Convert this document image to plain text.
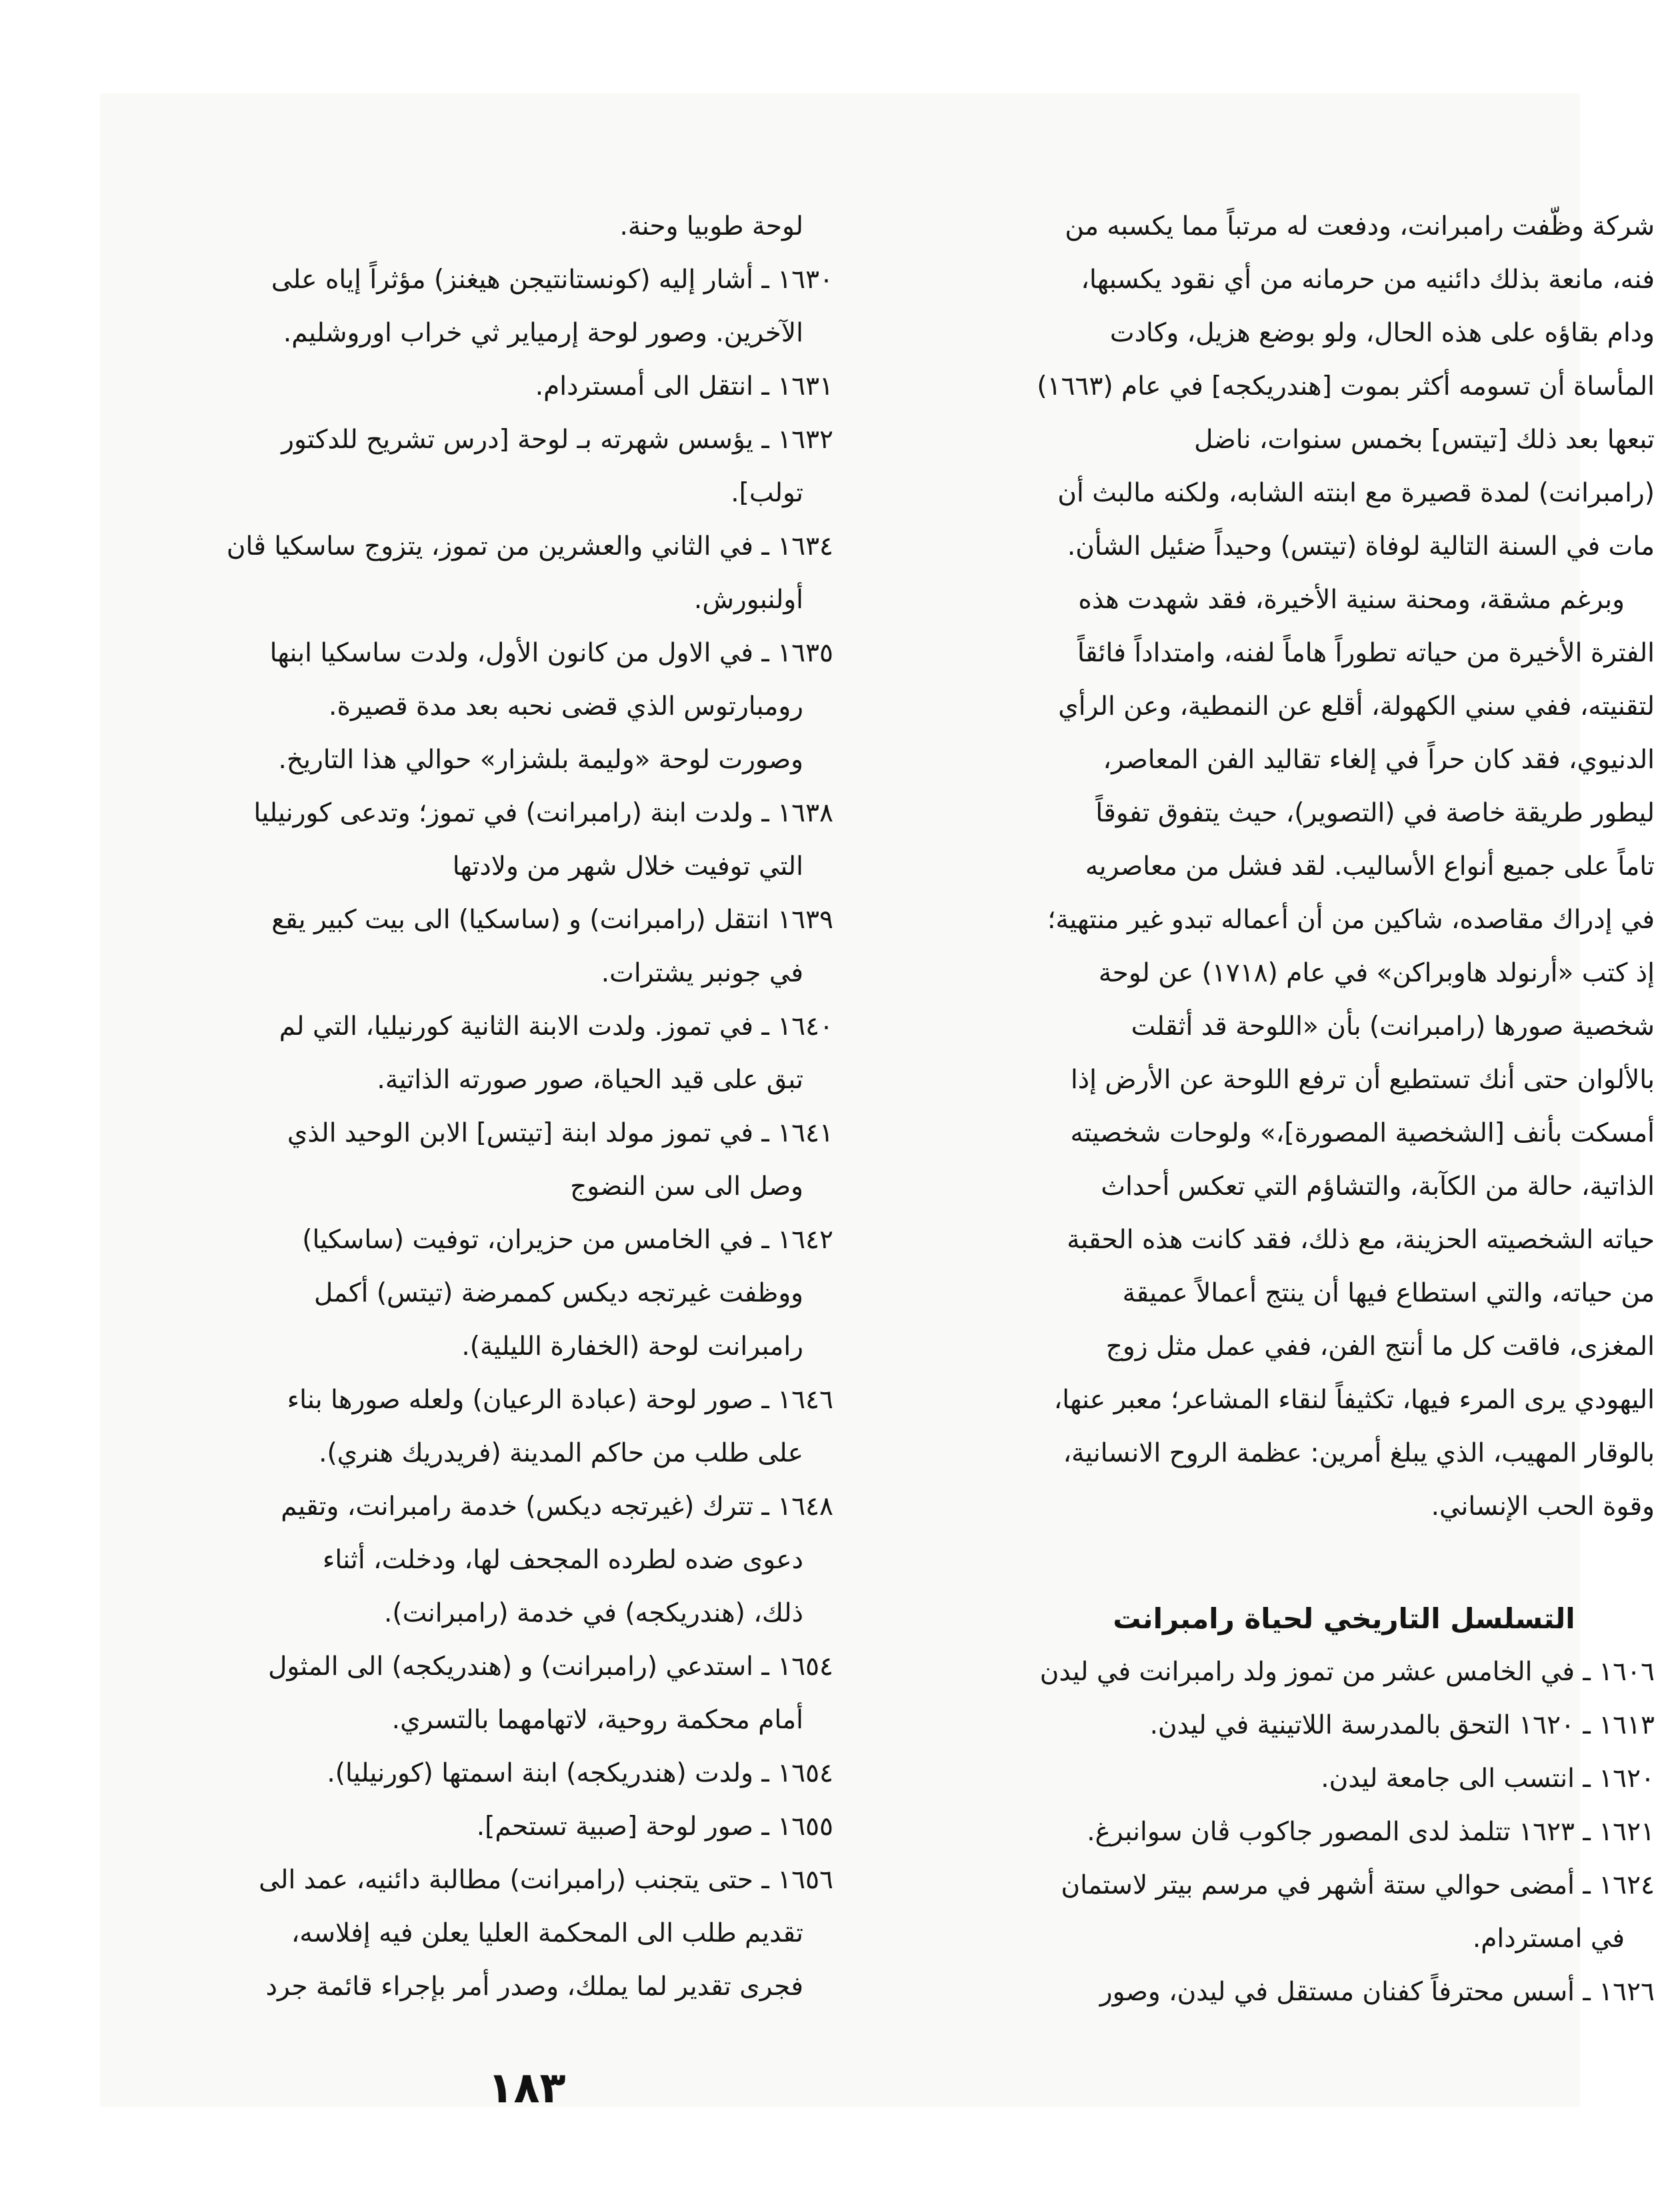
شركة وظّفت رامبرانت، ودفعت له مرتباً مما يكسبه من

فنه، مانعة بذلك دائنيه من حرمانه من أي نقود يكسبها،

ودام بقاؤه على هذه الحال، ولو بوضع هزيل، وكادت

المأساة أن تسومه أكثر بموت [هندريكجه] في عام (١٦٦٣)

تبعها بعد ذلك [تيتس] بخمس سنوات، ناضل

(رامبرانت) لمدة قصيرة مع ابنته الشابه، ولكنه مالبث أن

مات في السنة التالية لوفاة (تيتس) وحيداً ضئيل الشأن.

وبرغم مشقة، ومحنة سنية الأخيرة، فقد شهدت هذه

الفترة الأخيرة من حياته تطوراً هاماً لفنه، وامتداداً فائقاً

لتقنيته، ففي سني الكهولة، أقلع عن النمطية، وعن الرأي

الدنيوي، فقد كان حراً في إلغاء تقاليد الفن المعاصر،

ليطور طريقة خاصة في (التصوير)، حيث يتفوق تفوقاً

تاماً على جميع أنواع الأساليب. لقد فشل من معاصريه

في إدراك مقاصده، شاكين من أن أعماله تبدو غير منتهية؛

إذ كتب «أرنولد هاوبراكن» في عام (١٧١٨) عن لوحة

شخصية صورها (رامبرانت) بأن «اللوحة قد أثقلت

بالألوان حتى أنك تستطيع أن ترفع اللوحة عن الأرض إذا

أمسكت بأنف [الشخصية المصورة]،» ولوحات شخصيته

الذاتية، حالة من الكآبة، والتشاؤم التي تعكس أحداث

حياته الشخصيته الحزينة، مع ذلك، فقد كانت هذه الحقبة

من حياته، والتي استطاع فيها أن ينتج أعمالاً عميقة

المغزى، فاقت كل ما أنتج الفن، ففي عمل مثل زوج

اليهودي يرى المرء فيها، تكثيفاً لنقاء المشاعر؛ معبر عنها،

بالوقار المهيب، الذي يبلغ أمرين: عظمة الروح الانسانية،

وقوة الحب الإنساني.

التسلسل التاريخي لحياة رامبرانت

١٦٠٦ ـ في الخامس عشر من تموز ولد رامبرانت في ليدن

١٦١٣ ـ ١٦٢٠ التحق بالمدرسة اللاتينية في ليدن.

١٦٢٠ ـ انتسب الى جامعة ليدن.

١٦٢١ ـ ١٦٢٣ تتلمذ لدى المصور جاكوب ڤان سوانبرغ.

١٦٢٤ ـ أمضى حوالي ستة أشهر في مرسم بيتر لاستمان

في امستردام.

١٦٢٦ ـ أسس محترفاً كفنان مستقل في ليدن، وصور

لوحة طوبيا وحنة.

١٦٣٠ ـ أشار إليه (كونستانتيجن هيغنز) مؤثراً إياه على

الآخرين. وصور لوحة إرمياير ثي خراب اوروشليم.

١٦٣١ ـ انتقل الى أمستردام.

١٦٣٢ ـ يؤسس شهرته بـ لوحة [درس تشريح للدكتور

تولب].

١٦٣٤ ـ في الثاني والعشرين من تموز، يتزوج ساسكيا ڤان

أولنبورش.

١٦٣٥ ـ في الاول من كانون الأول، ولدت ساسكيا ابنها

رومبارتوس الذي قضى نحبه بعد مدة قصيرة.

وصورت لوحة «وليمة بلشزار» حوالي هذا التاريخ.

١٦٣٨ ـ ولدت ابنة (رامبرانت) في تموز؛ وتدعى كورنيليا

التي توفيت خلال شهر من ولادتها

١٦٣٩ انتقل (رامبرانت) و (ساسكيا) الى بيت كبير يقع

في جونبر يشترات.

١٦٤٠ ـ في تموز. ولدت الابنة الثانية كورنيليا، التي لم

تبق على قيد الحياة، صور صورته الذاتية.

١٦٤١ ـ في تموز مولد ابنة [تيتس] الابن الوحيد الذي

وصل الى سن النضوج

١٦٤٢ ـ في الخامس من حزيران، توفيت (ساسكيا)

ووظفت غيرتجه ديكس كممرضة (تيتس) أكمل

رامبرانت لوحة (الخفارة الليلية).

١٦٤٦ ـ صور لوحة (عبادة الرعيان) ولعله صورها بناء

على طلب من حاكم المدينة (فريدريك هنري).

١٦٤٨ ـ تترك (غيرتجه ديكس) خدمة رامبرانت، وتقيم

دعوى ضده لطرده المجحف لها، ودخلت، أثناء

ذلك، (هندريكجه) في خدمة (رامبرانت).

١٦٥٤ ـ استدعي (رامبرانت) و (هندريكجه) الى المثول

أمام محكمة روحية، لاتهامهما بالتسري.

١٦٥٤ ـ ولدت (هندريكجه) ابنة اسمتها (كورنيليا).

١٦٥٥ ـ صور لوحة [صبية تستحم].

١٦٥٦ ـ حتى يتجنب (رامبرانت) مطالبة دائنيه، عمد الى

تقديم طلب الى المحكمة العليا يعلن فيه إفلاسه،

فجرى تقدير لما يملك، وصدر أمر بإجراء قائمة جرد

١٨٣
